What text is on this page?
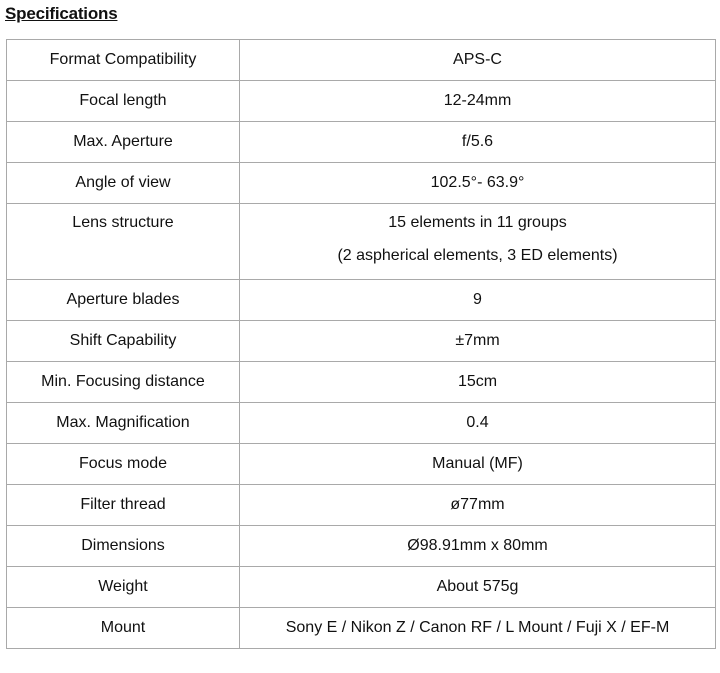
Specifications
Format Compatibility	APS-C
Focal length	12-24mm
Max. Aperture	f/5.6
Angle of view	102.5°- 63.9°

Lens structure	15 elements in 11 groups
(2 aspherical elements, 3 ED elements)

Aperture blades	9
Shift Capability	±7mm
Min. Focusing distance	15cm
Max. Magnification	0.4
Focus mode	Manual (MF)
Filter thread	ø77mm
Dimensions	Ø98.91mm x 80mm
Weight	About 575g
Mount	Sony E / Nikon Z / Canon RF / L Mount / Fuji X / EF-M
